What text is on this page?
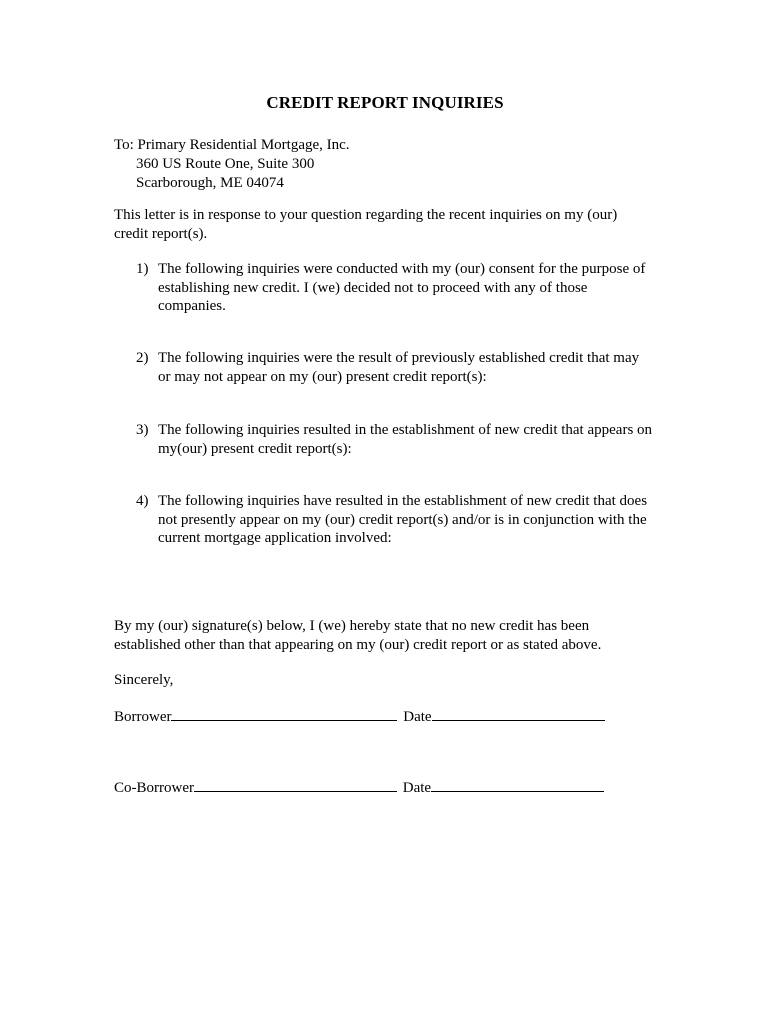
CREDIT REPORT INQUIRIES
To: Primary Residential Mortgage, Inc.
360 US Route One, Suite 300
Scarborough, ME 04074
This letter is in response to your question regarding the recent inquiries on my (our)
credit report(s).
1) The following inquiries were conducted with my (our) consent for the purpose of
establishing new credit. I (we) decided not to proceed with any of those
companies.
2) The following inquiries were the result of previously established credit that may
or may not appear on my (our) present credit report(s):
3) The following inquiries resulted in the establishment of new credit that appears on
my(our) present credit report(s):
4) The following inquiries have resulted in the establishment of new credit that does
not presently appear on my (our) credit report(s) and/or is in conjunction with the
current mortgage application involved:
By my (our) signature(s) below, I (we) hereby state that no new credit has been
established other than that appearing on my (our) credit report or as stated above.
Sincerely,
Borrower	Date
Co-Borrower	Date
